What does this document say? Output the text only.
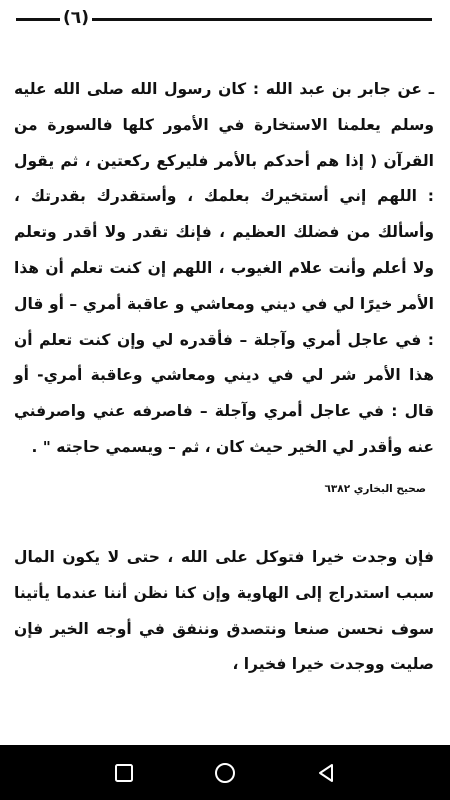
(٦)

ـ عن جابر بن عبد الله : كان رسول الله صلى الله عليه وسلم يعلمنا الاستخارة في الأمور كلها فالسورة من القرآن ( إذا هم أحدكم بالأمر فليركع ركعتين ، ثم يقول : اللهم إني أستخيرك بعلمك ، وأستقدرك بقدرتك ، وأسألك من فضلك العظيم ، فإنك تقدر ولا أقدر وتعلم ولا أعلم وأنت علام الغيوب ، اللهم إن كنت تعلم أن هذا الأمر خيرًا لي في ديني ومعاشي و عاقبة أمري – أو قال : في عاجل أمري وآجلة – فأقدره لي وإن كنت تعلم أن هذا الأمر شر لي في ديني ومعاشي وعاقبة أمري- أو قال : في عاجل أمري وآجلة – فاصرفه عني واصرفني عنه وأقدر لي الخير حيث كان ، ثم – ويسمي حاجته " .

صحيح البخاري ٦٣٨٢

فإن وجدت خيرا فتوكل على الله ، حتى لا يكون المال سبب استدراج إلى الهاوية وإن كنا نظن أننا عندما يأتينا سوف نحسن صنعا ونتصدق وننفق في أوجه الخير فإن صليت ووجدت خيرا فخيرا ،
